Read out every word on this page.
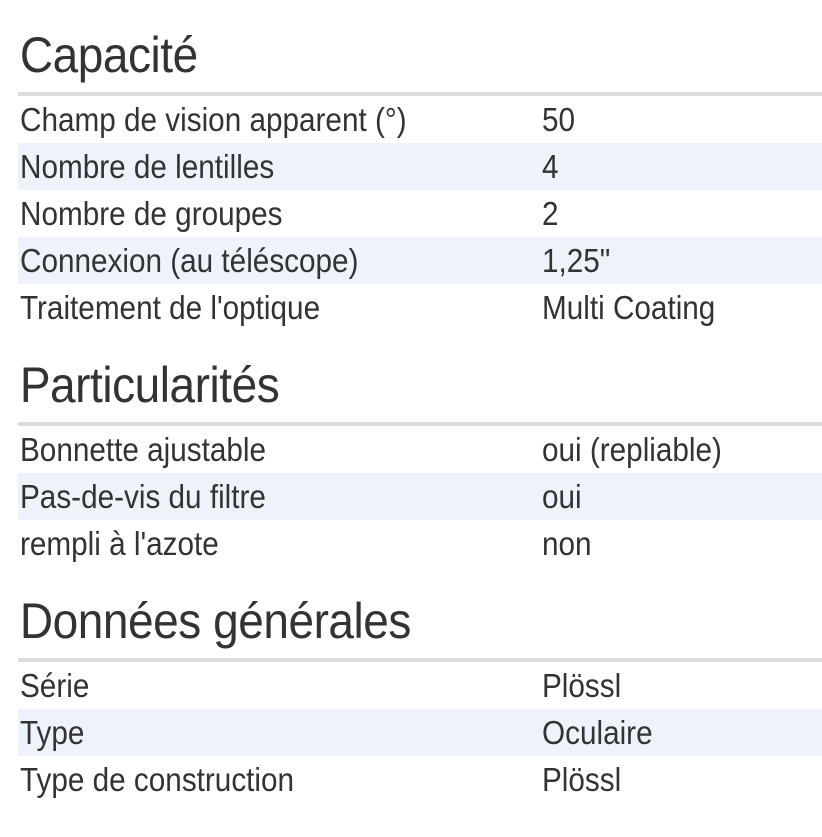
Capacité
Champ de vision apparent (°)	50
Nombre de lentilles	4
Nombre de groupes	2
Connexion (au téléscope)	1,25"
Traitement de l'optique	Multi Coating
Particularités
Bonnette ajustable	oui (repliable)
Pas-de-vis du filtre	oui
rempli à l'azote	non
Données générales
Série	Plössl
Type	Oculaire
Type de construction	Plössl
